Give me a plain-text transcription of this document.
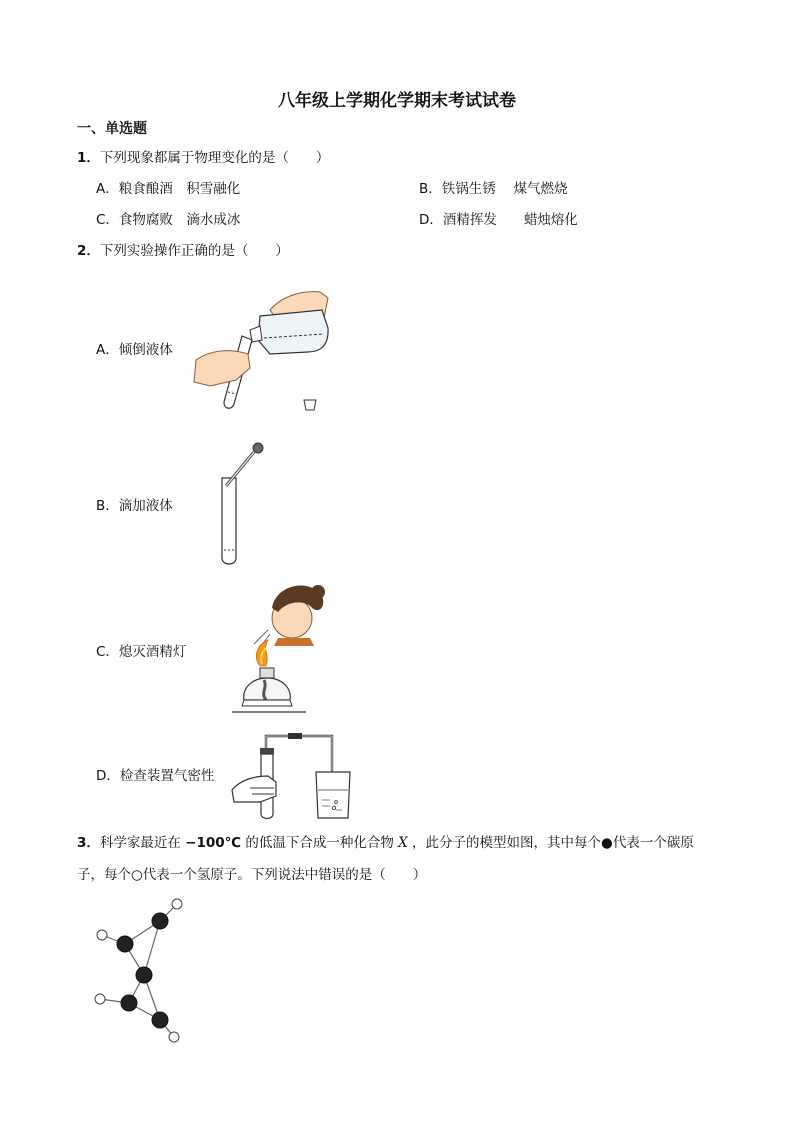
八年级上学期化学期末考试试卷
一、单选题
1．下列现象都属于物理变化的是（　　）
A．粮食酿酒　积雪融化	B．铁锅生锈　 煤气燃烧
C．食物腐败　滴水成冰	D．酒精挥发　　蜡烛熔化
2．下列实验操作正确的是（　　）
A．倾倒液体
B．滴加液体
C．熄灭酒精灯
D．检查装置气密性
3．科学家最近在 −100℃ 的低温下合成一种化合物 X ，此分子的模型如图，其中每个●代表一个碳原
子，每个○代表一个氢原子。下列说法中错误的是（　　）
